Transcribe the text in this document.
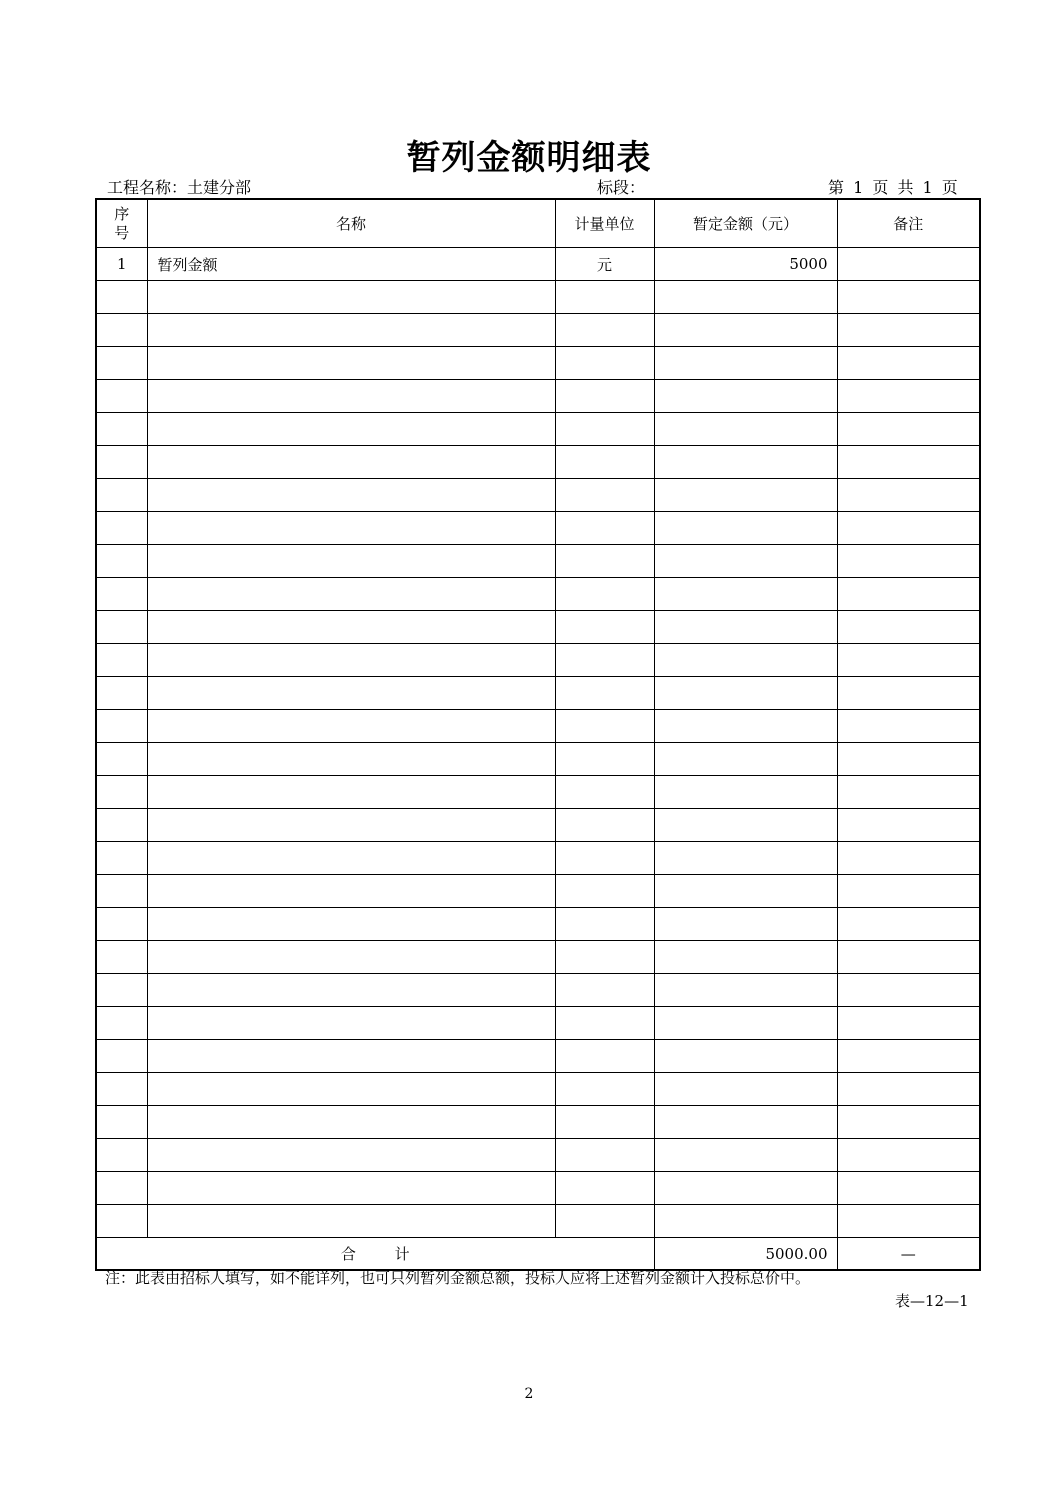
暂列金额明细表
工程名称：土建分部	标段：	第 1 页 共 1 页
序
号	名称	计量单位	暂定金额（元）	备注
1	暂列金额	元	5000	

合 计			5000.00	—
注：此表由招标人填写，如不能详列，也可只列暂列金额总额，投标人应将上述暂列金额计入投标总价中。
表—12—1
2
